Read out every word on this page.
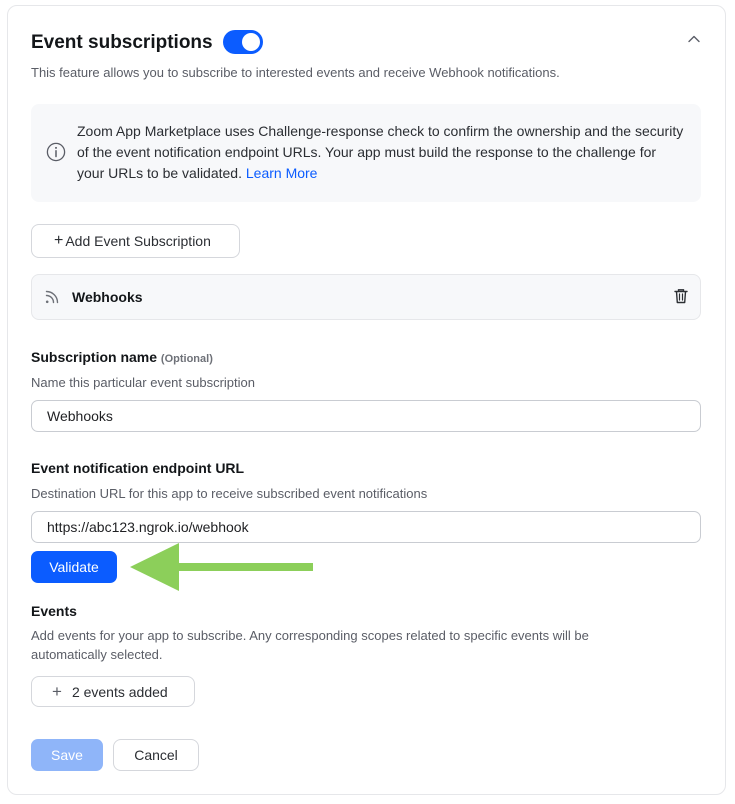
Event subscriptions
This feature allows you to subscribe to interested events and receive Webhook notifications.
Zoom App Marketplace uses Challenge-response check to confirm the ownership and the security of the event notification endpoint URLs. Your app must build the response to the challenge for your URLs to be validated. Learn More
+ Add Event Subscription
Webhooks
Subscription name (Optional)
Name this particular event subscription
Webhooks
Event notification endpoint URL
Destination URL for this app to receive subscribed event notifications
https://abc123.ngrok.io/webhook
Validate
Events
Add events for your app to subscribe. Any corresponding scopes related to specific events will be automatically selected.
+ 2 events added
Save	Cancel
